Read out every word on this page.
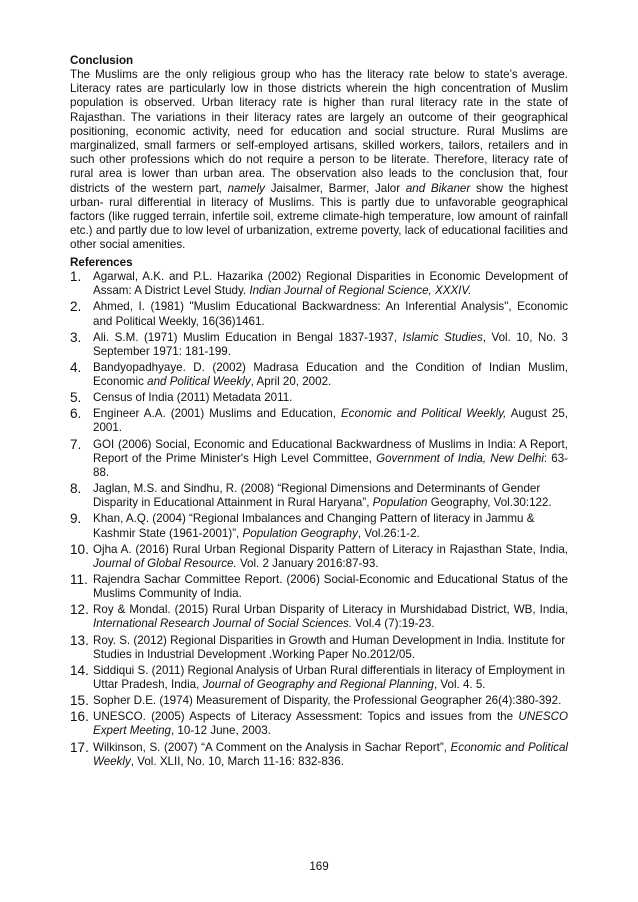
Conclusion

The Muslims are the only religious group who has the literacy rate below to state’s average. Literacy rates are particularly low in those districts wherein the high concentration of Muslim population is observed. Urban literacy rate is higher than rural literacy rate in the state of Rajasthan. The variations in their literacy rates are largely an outcome of their geographical positioning, economic activity, need for education and social structure. Rural Muslims are marginalized, small farmers or self-employed artisans, skilled workers, tailors, retailers and in such other professions which do not require a person to be literate. Therefore, literacy rate of rural area is lower than urban area. The observation also leads to the conclusion that, four districts of the western part, namely Jaisalmer, Barmer, Jalor and Bikaner show the highest urban- rural differential in literacy of Muslims. This is partly due to unfavorable geographical factors (like rugged terrain, infertile soil, extreme climate-high temperature, low amount of rainfall etc.) and partly due to low level of urbanization, extreme poverty, lack of educational facilities and other social amenities.

References
1. Agarwal, A.K. and P.L. Hazarika (2002) Regional Disparities in Economic Development of Assam: A District Level Study. Indian Journal of Regional Science, XXXIV.
2. Ahmed, I. (1981) "Muslim Educational Backwardness: An Inferential Analysis", Economic and Political Weekly, 16(36)1461.
3. Ali. S.M. (1971) Muslim Education in Bengal 1837-1937, Islamic Studies, Vol. 10, No. 3 September 1971: 181-199.
4. Bandyopadhyaye. D. (2002) Madrasa Education and the Condition of Indian Muslim, Economic and Political Weekly, April 20, 2002.
5. Census of India (2011) Metadata 2011.
6. Engineer A.A. (2001) Muslims and Education, Economic and Political Weekly, August 25, 2001.
7. GOI (2006) Social, Economic and Educational Backwardness of Muslims in India: A Report, Report of the Prime Minister's High Level Committee, Government of India, New Delhi: 63-88.
8. Jaglan, M.S. and Sindhu, R. (2008) “Regional Dimensions and Determinants of Gender Disparity in Educational Attainment in Rural Haryana”, Population Geography, Vol.30:122.
9. Khan, A.Q. (2004) “Regional Imbalances and Changing Pattern of literacy in Jammu & Kashmir State (1961-2001)”, Population Geography, Vol.26:1-2.
10. Ojha A. (2016) Rural Urban Regional Disparity Pattern of Literacy in Rajasthan State, India, Journal of Global Resource. Vol. 2 January 2016:87-93.
11. Rajendra Sachar Committee Report. (2006) Social-Economic and Educational Status of the Muslims Community of India.
12. Roy & Mondal. (2015) Rural Urban Disparity of Literacy in Murshidabad District, WB, India, International Research Journal of Social Sciences. Vol.4 (7):19-23.
13. Roy. S. (2012) Regional Disparities in Growth and Human Development in India. Institute for Studies in Industrial Development .Working Paper No.2012/05.
14. Siddiqui S. (2011) Regional Analysis of Urban Rural differentials in literacy of Employment in Uttar Pradesh, India, Journal of Geography and Regional Planning, Vol. 4. 5.
15. Sopher D.E. (1974) Measurement of Disparity, the Professional Geographer 26(4):380-392.
16. UNESCO. (2005) Aspects of Literacy Assessment: Topics and issues from the UNESCO Expert Meeting, 10-12 June, 2003.
17. Wilkinson, S. (2007) “A Comment on the Analysis in Sachar Report”, Economic and Political Weekly, Vol. XLII, No. 10, March 11-16: 832-836.
169
